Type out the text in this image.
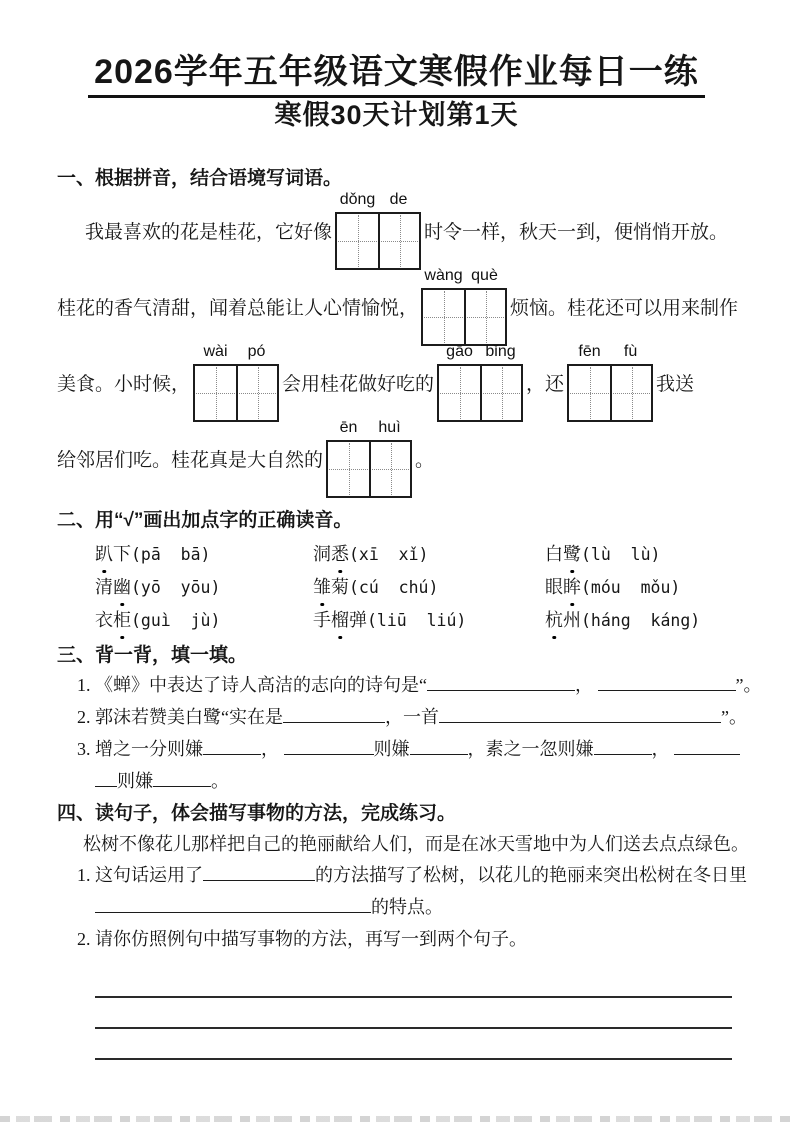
2026学年五年级语文寒假作业每日一练
寒假30天计划第1天
一、根据拼音，结合语境写词语。
我最喜欢的花是桂花，它好像
dǒng de
时令一样，秋天一到，便悄悄开放。
桂花的香气清甜，闻着总能让人心情愉悦，
wàng què
烦恼。桂花还可以用来制作
美食。小时候，
wài	pó
会用桂花做好吃的
gāo bǐng
，还
fēn	fù
我送
给邻居们吃。桂花真是大自然的
ēn	huì
。
二、用“√”画出加点字的正确读音。
趴下(pā  bā)	洞悉(xī  xǐ)	白鹭(lù  lù)
清幽(yō  yōu)	雏菊(cú  chú)	眼眸(móu  mǒu)
衣柜(guì  jù)	手榴弹(liū  liú)	杭州(háng  káng)
三、背一背，填一填。
1. 《蝉》中表达了诗人高洁的志向的诗句是“	，	”。
2. 郭沫若赞美白鹭“实在是	，一首	”。
3. 增之一分则嫌	，	则嫌	，素之一忽则嫌	，
则嫌	。
四、读句子，体会描写事物的方法，完成练习。
松树不像花儿那样把自己的艳丽献给人们，而是在冰天雪地中为人们送去点点绿色。
1. 这句话运用了	的方法描写了松树，以花儿的艳丽来突出松树在冬日里
的特点。
2. 请你仿照例句中描写事物的方法，再写一到两个句子。
